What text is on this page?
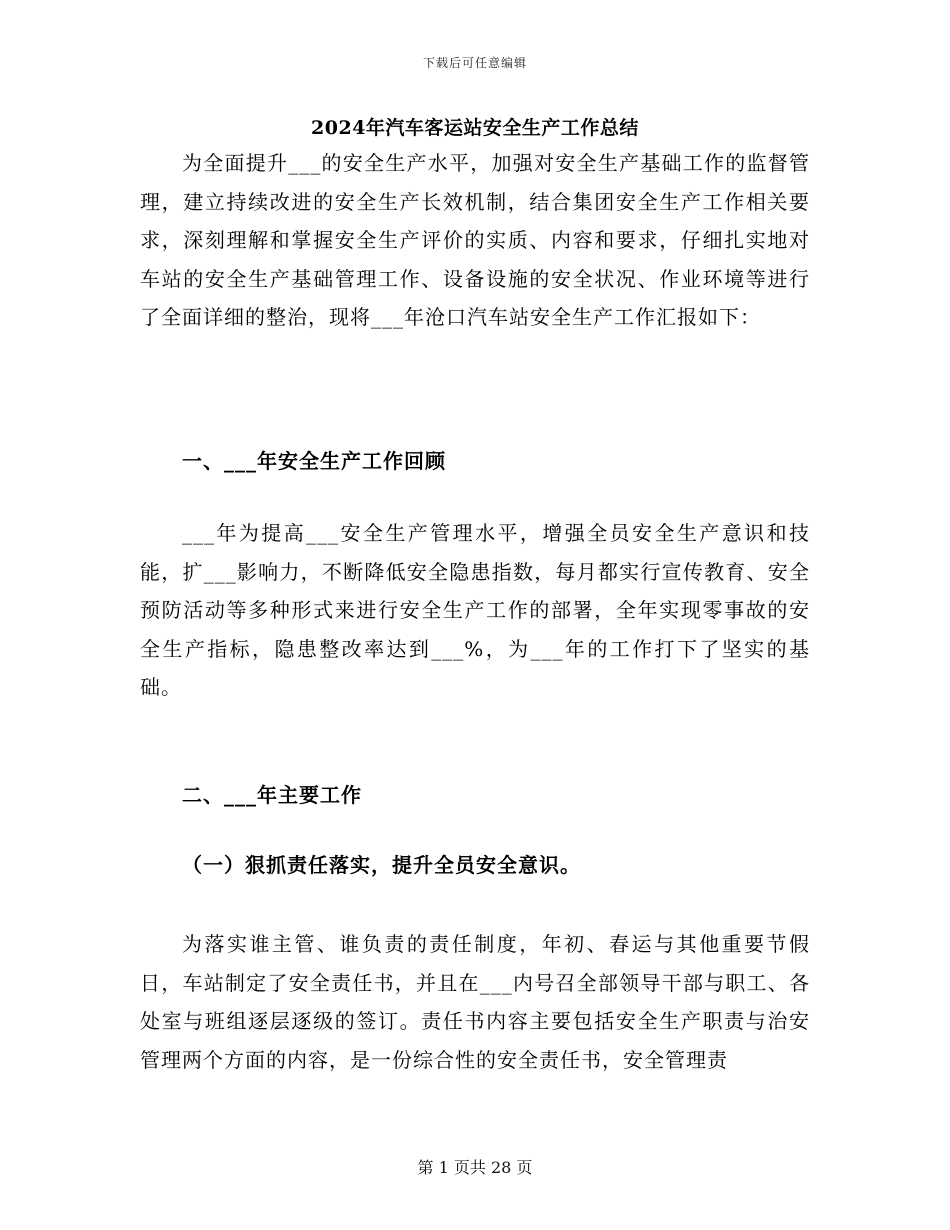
下载后可任意编辑
2024年汽车客运站安全生产工作总结

为全面提升___的安全生产水平，加强对安全生产基础工作的监督管理，建立持续改进的安全生产长效机制，结合集团安全生产工作相关要求，深刻理解和掌握安全生产评价的实质、内容和要求，仔细扎实地对车站的安全生产基础管理工作、设备设施的安全状况、作业环境等进行了全面详细的整治，现将___年沧口汽车站安全生产工作汇报如下：

一、___年安全生产工作回顾

___年为提高___安全生产管理水平，增强全员安全生产意识和技能，扩___影响力，不断降低安全隐患指数，每月都实行宣传教育、安全预防活动等多种形式来进行安全生产工作的部署，全年实现零事故的安全生产指标，隐患整改率达到___%，为___年的工作打下了坚实的基础。

二、___年主要工作

（一）狠抓责任落实，提升全员安全意识。

为落实谁主管、谁负责的责任制度，年初、春运与其他重要节假日，车站制定了安全责任书，并且在___内号召全部领导干部与职工、各处室与班组逐层逐级的签订。责任书内容主要包括安全生产职责与治安管理两个方面的内容，是一份综合性的安全责任书，安全管理责

第 1 页共 28 页
